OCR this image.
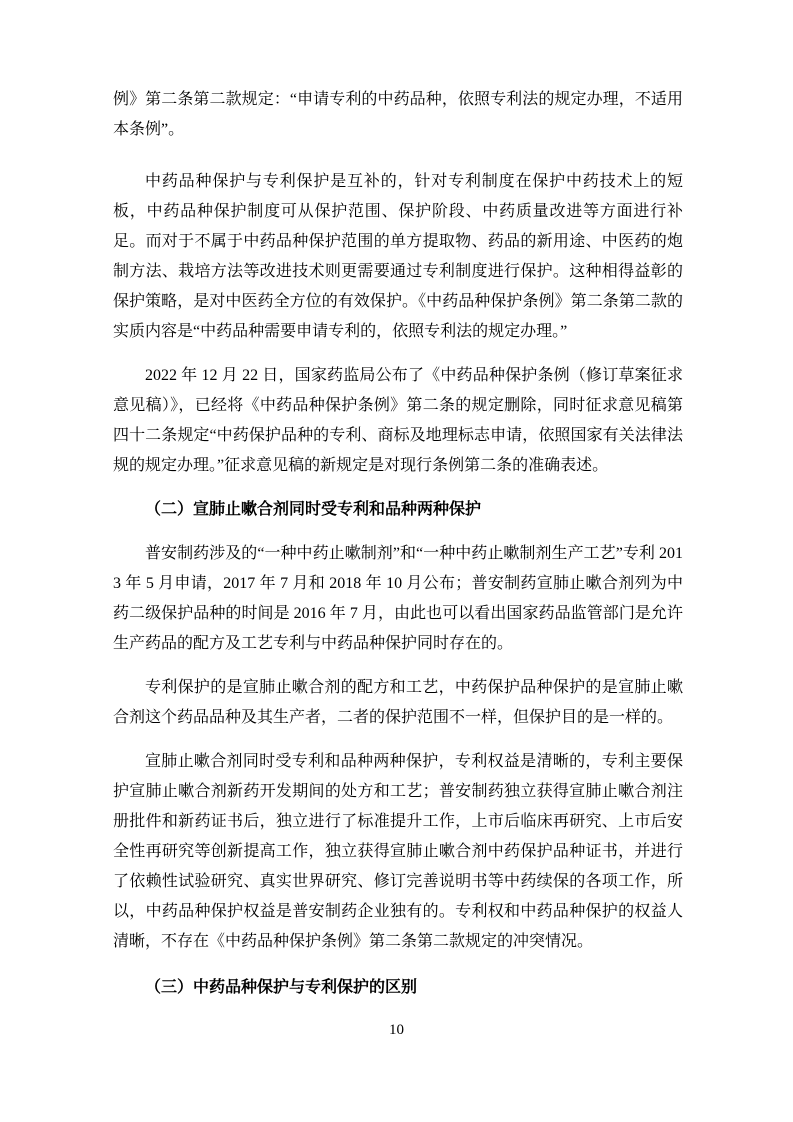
例》第二条第二款规定：“申请专利的中药品种，依照专利法的规定办理，不适用本条例”。

中药品种保护与专利保护是互补的，针对专利制度在保护中药技术上的短板，中药品种保护制度可从保护范围、保护阶段、中药质量改进等方面进行补足。而对于不属于中药品种保护范围的单方提取物、药品的新用途、中医药的炮制方法、栽培方法等改进技术则更需要通过专利制度进行保护。这种相得益彰的保护策略，是对中医药全方位的有效保护。《中药品种保护条例》第二条第二款的实质内容是“中药品种需要申请专利的，依照专利法的规定办理。”

2022 年 12 月 22 日，国家药监局公布了《中药品种保护条例（修订草案征求意见稿）》，已经将《中药品种保护条例》第二条的规定删除，同时征求意见稿第四十二条规定“中药保护品种的专利、商标及地理标志申请，依照国家有关法律法规的规定办理。”征求意见稿的新规定是对现行条例第二条的准确表述。

（二）宣肺止嗽合剂同时受专利和品种两种保护

普安制药涉及的“一种中药止嗽制剂”和“一种中药止嗽制剂生产工艺”专利 2013 年 5 月申请，2017 年 7 月和 2018 年 10 月公布；普安制药宣肺止嗽合剂列为中药二级保护品种的时间是 2016 年 7 月，由此也可以看出国家药品监管部门是允许生产药品的配方及工艺专利与中药品种保护同时存在的。

专利保护的是宣肺止嗽合剂的配方和工艺，中药保护品种保护的是宣肺止嗽合剂这个药品品种及其生产者，二者的保护范围不一样，但保护目的是一样的。

宣肺止嗽合剂同时受专利和品种两种保护，专利权益是清晰的，专利主要保护宣肺止嗽合剂新药开发期间的处方和工艺；普安制药独立获得宣肺止嗽合剂注册批件和新药证书后，独立进行了标准提升工作，上市后临床再研究、上市后安全性再研究等创新提高工作，独立获得宣肺止嗽合剂中药保护品种证书，并进行了依赖性试验研究、真实世界研究、修订完善说明书等中药续保的各项工作，所以，中药品种保护权益是普安制药企业独有的。专利权和中药品种保护的权益人清晰，不存在《中药品种保护条例》第二条第二款规定的冲突情况。

（三）中药品种保护与专利保护的区别
10
